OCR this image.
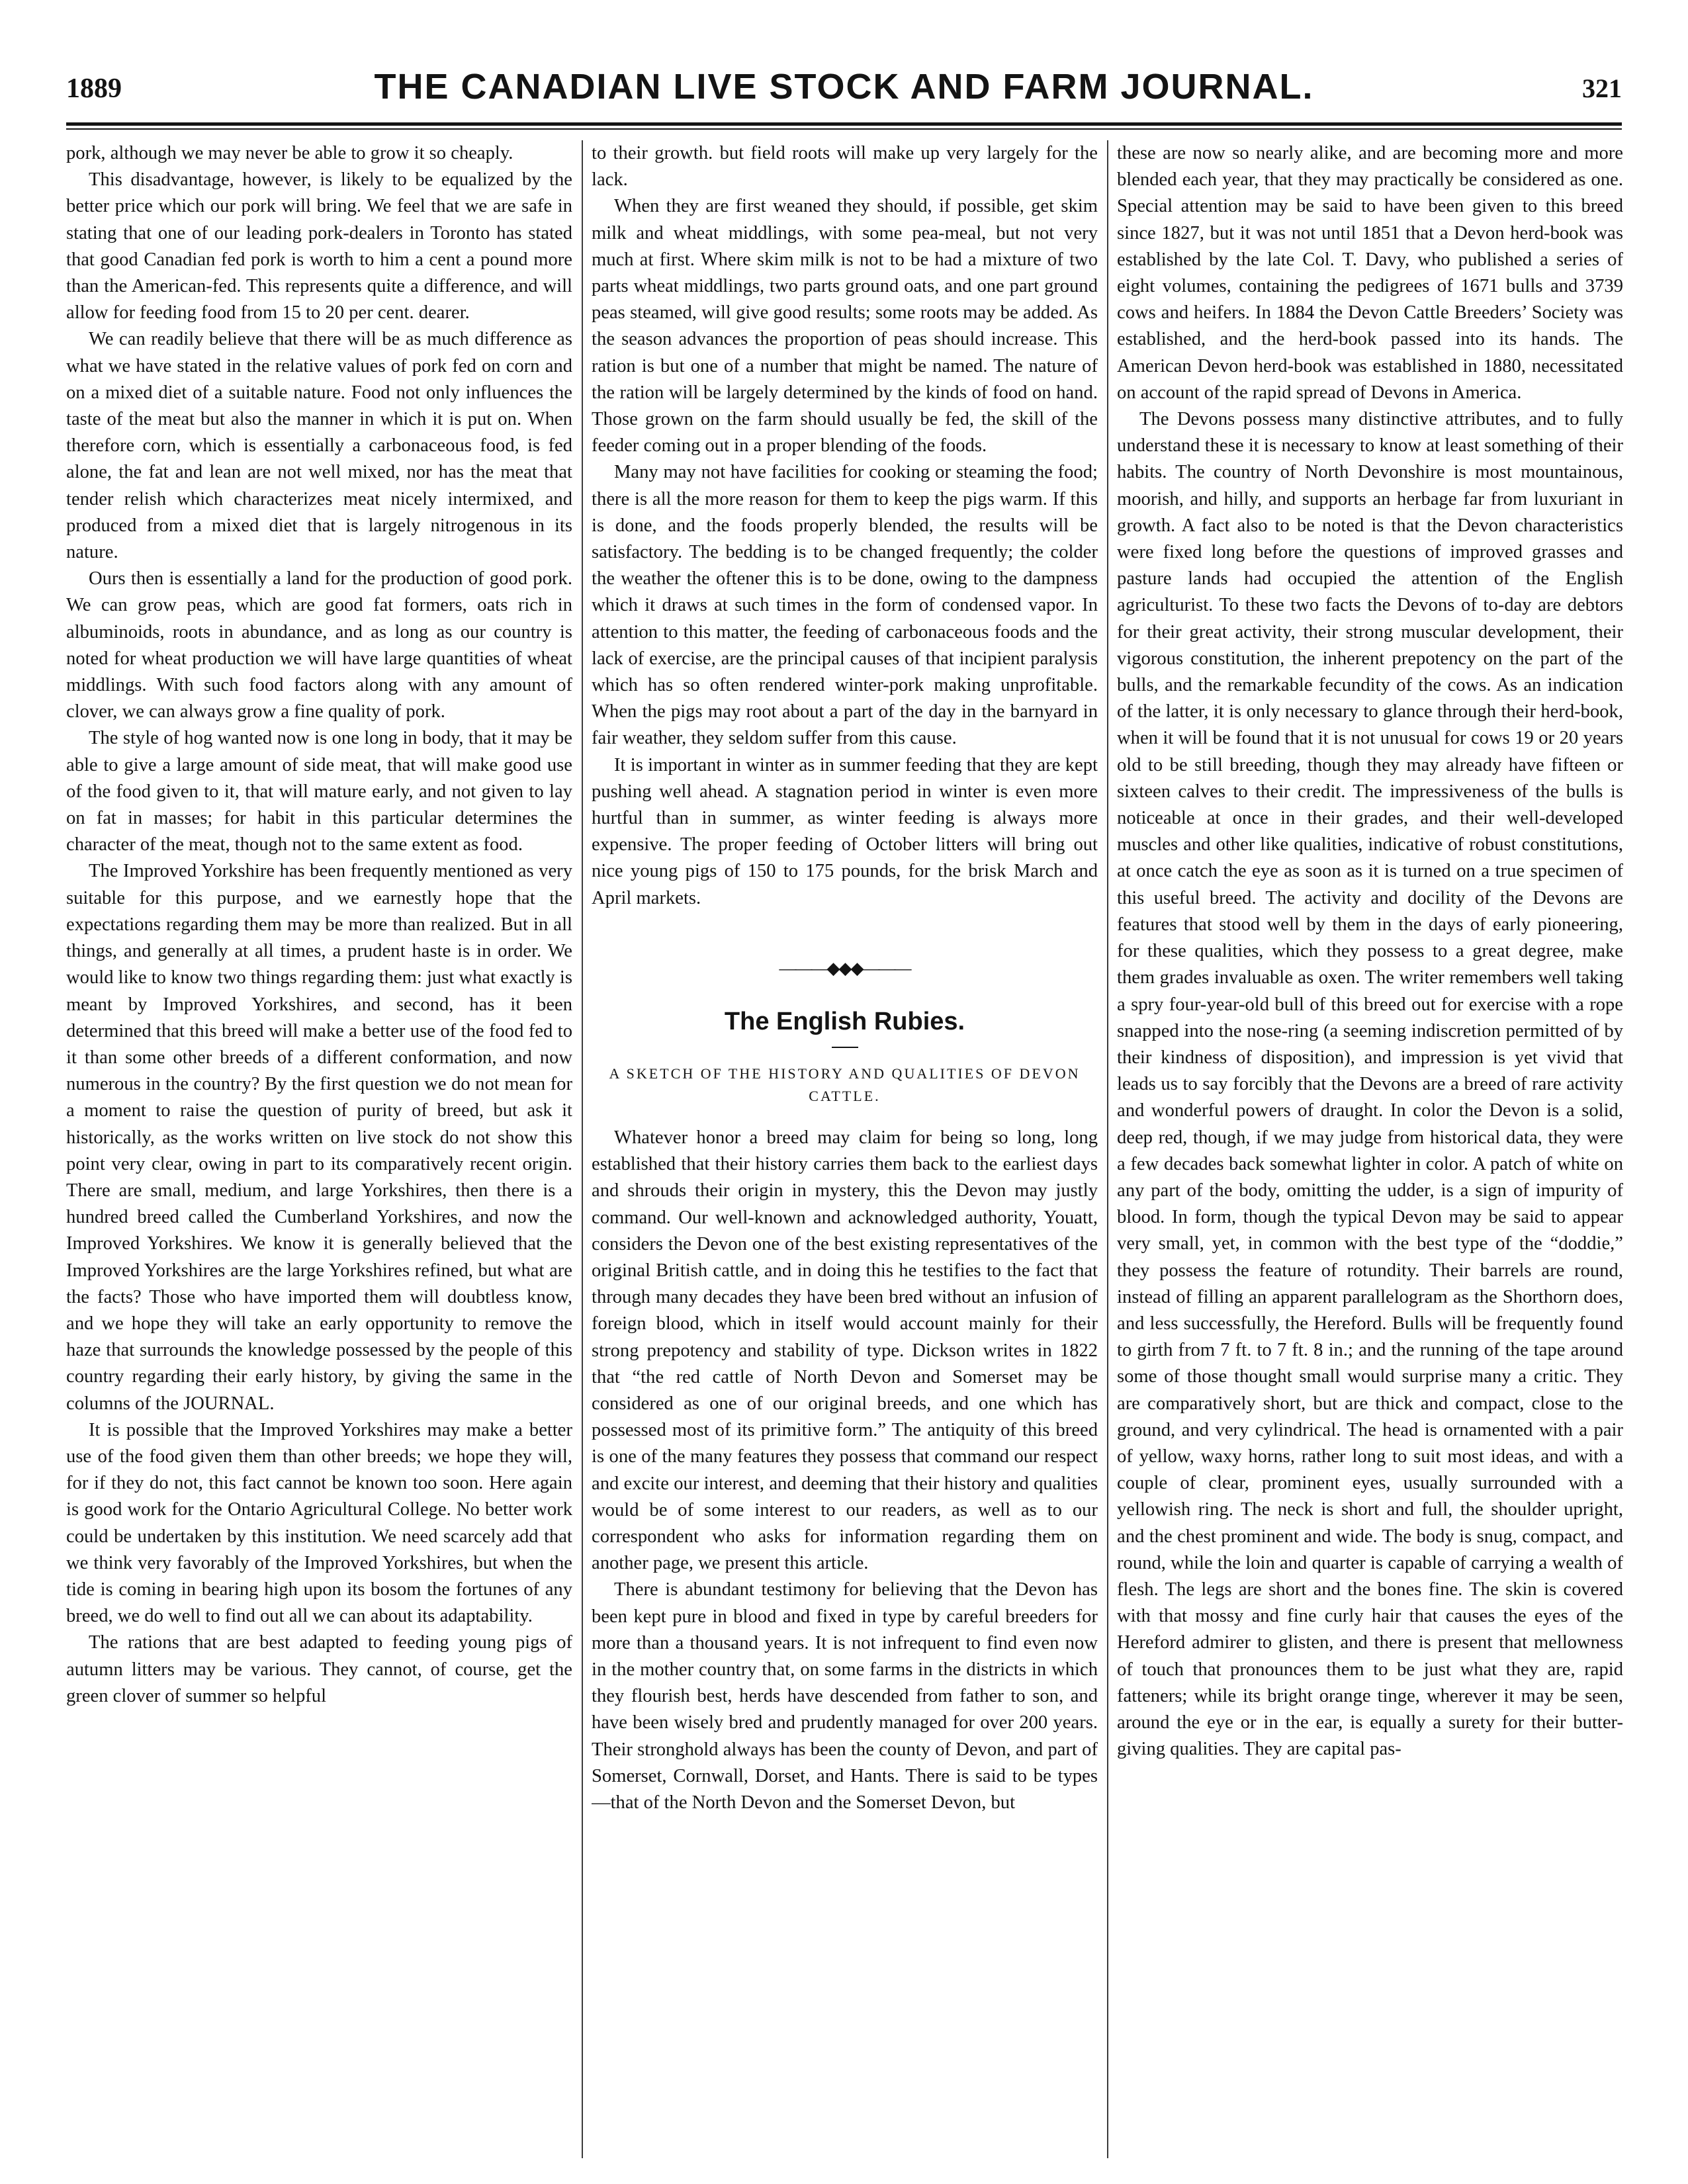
1889	THE CANADIAN LIVE STOCK AND FARM JOURNAL.	321

pork, although we may never be able to grow it so cheaply.

This disadvantage, however, is likely to be equalized by the better price which our pork will bring. We feel that we are safe in stating that one of our leading pork-dealers in Toronto has stated that good Canadian fed pork is worth to him a cent a pound more than the American-fed. This represents quite a difference, and will allow for feeding food from 15 to 20 per cent. dearer.

We can readily believe that there will be as much difference as what we have stated in the relative values of pork fed on corn and on a mixed diet of a suitable nature. Food not only influences the taste of the meat but also the manner in which it is put on. When therefore corn, which is essentially a carbonaceous food, is fed alone, the fat and lean are not well mixed, nor has the meat that tender relish which characterizes meat nicely intermixed, and produced from a mixed diet that is largely nitrogenous in its nature.

Ours then is essentially a land for the production of good pork. We can grow peas, which are good fat formers, oats rich in albuminoids, roots in abundance, and as long as our country is noted for wheat production we will have large quantities of wheat middlings. With such food factors along with any amount of clover, we can always grow a fine quality of pork.

The style of hog wanted now is one long in body, that it may be able to give a large amount of side meat, that will make good use of the food given to it, that will mature early, and not given to lay on fat in masses; for habit in this particular determines the character of the meat, though not to the same extent as food.

The Improved Yorkshire has been frequently mentioned as very suitable for this purpose, and we earnestly hope that the expectations regarding them may be more than realized. But in all things, and generally at all times, a prudent haste is in order. We would like to know two things regarding them: just what exactly is meant by Improved Yorkshires, and second, has it been determined that this breed will make a better use of the food fed to it than some other breeds of a different conformation, and now numerous in the country? By the first question we do not mean for a moment to raise the question of purity of breed, but ask it historically, as the works written on live stock do not show this point very clear, owing in part to its comparatively recent origin. There are small, medium, and large Yorkshires, then there is a hundred breed called the Cumberland Yorkshires, and now the Improved Yorkshires. We know it is generally believed that the Improved Yorkshires are the large Yorkshires refined, but what are the facts? Those who have imported them will doubtless know, and we hope they will take an early opportunity to remove the haze that surrounds the knowledge possessed by the people of this country regarding their early history, by giving the same in the columns of the JOURNAL.

It is possible that the Improved Yorkshires may make a better use of the food given them than other breeds; we hope they will, for if they do not, this fact cannot be known too soon. Here again is good work for the Ontario Agricultural College. No better work could be undertaken by this institution. We need scarcely add that we think very favorably of the Improved Yorkshires, but when the tide is coming in bearing high upon its bosom the fortunes of any breed, we do well to find out all we can about its adaptability.

The rations that are best adapted to feeding young pigs of autumn litters may be various. They cannot, of course, get the green clover of summer so helpful

to their growth. but field roots will make up very largely for the lack.

When they are first weaned they should, if possible, get skim milk and wheat middlings, with some pea-meal, but not very much at first. Where skim milk is not to be had a mixture of two parts wheat middlings, two parts ground oats, and one part ground peas steamed, will give good results; some roots may be added. As the season advances the proportion of peas should increase. This ration is but one of a number that might be named. The nature of the ration will be largely determined by the kinds of food on hand. Those grown on the farm should usually be fed, the skill of the feeder coming out in a proper blending of the foods.

Many may not have facilities for cooking or steaming the food; there is all the more reason for them to keep the pigs warm. If this is done, and the foods properly blended, the results will be satisfactory. The bedding is to be changed frequently; the colder the weather the oftener this is to be done, owing to the dampness which it draws at such times in the form of condensed vapor. In attention to this matter, the feeding of carbonaceous foods and the lack of exercise, are the principal causes of that incipient paralysis which has so often rendered winter-pork making unprofitable. When the pigs may root about a part of the day in the barnyard in fair weather, they seldom suffer from this cause.

It is important in winter as in summer feeding that they are kept pushing well ahead. A stagnation period in winter is even more hurtful than in summer, as winter feeding is always more expensive. The proper feeding of October litters will bring out nice young pigs of 150 to 175 pounds, for the brisk March and April markets.

———◆◆◆———
The English Rubies.
A SKETCH OF THE HISTORY AND QUALITIES OF DEVON CATTLE.

Whatever honor a breed may claim for being so long, long established that their history carries them back to the earliest days and shrouds their origin in mystery, this the Devon may justly command. Our well-known and acknowledged authority, Youatt, considers the Devon one of the best existing representatives of the original British cattle, and in doing this he testifies to the fact that through many decades they have been bred without an infusion of foreign blood, which in itself would account mainly for their strong prepotency and stability of type. Dickson writes in 1822 that “the red cattle of North Devon and Somerset may be considered as one of our original breeds, and one which has possessed most of its primitive form.” The antiquity of this breed is one of the many features they possess that command our respect and excite our interest, and deeming that their history and qualities would be of some interest to our readers, as well as to our correspondent who asks for information regarding them on another page, we present this article.

There is abundant testimony for believing that the Devon has been kept pure in blood and fixed in type by careful breeders for more than a thousand years. It is not infrequent to find even now in the mother country that, on some farms in the districts in which they flourish best, herds have descended from father to son, and have been wisely bred and prudently managed for over 200 years. Their stronghold always has been the county of Devon, and part of Somerset, Cornwall, Dorset, and Hants. There is said to be types—that of the North Devon and the Somerset Devon, but

these are now so nearly alike, and are becoming more and more blended each year, that they may practically be considered as one. Special attention may be said to have been given to this breed since 1827, but it was not until 1851 that a Devon herd-book was established by the late Col. T. Davy, who published a series of eight volumes, containing the pedigrees of 1671 bulls and 3739 cows and heifers. In 1884 the Devon Cattle Breeders’ Society was established, and the herd-book passed into its hands. The American Devon herd-book was established in 1880, necessitated on account of the rapid spread of Devons in America.

The Devons possess many distinctive attributes, and to fully understand these it is necessary to know at least something of their habits. The country of North Devonshire is most mountainous, moorish, and hilly, and supports an herbage far from luxuriant in growth. A fact also to be noted is that the Devon characteristics were fixed long before the questions of improved grasses and pasture lands had occupied the attention of the English agriculturist. To these two facts the Devons of to-day are debtors for their great activity, their strong muscular development, their vigorous constitution, the inherent prepotency on the part of the bulls, and the remarkable fecundity of the cows. As an indication of the latter, it is only necessary to glance through their herd-book, when it will be found that it is not unusual for cows 19 or 20 years old to be still breeding, though they may already have fifteen or sixteen calves to their credit. The impressiveness of the bulls is noticeable at once in their grades, and their well-developed muscles and other like qualities, indicative of robust constitutions, at once catch the eye as soon as it is turned on a true specimen of this useful breed. The activity and docility of the Devons are features that stood well by them in the days of early pioneering, for these qualities, which they possess to a great degree, make them grades invaluable as oxen. The writer remembers well taking a spry four-year-old bull of this breed out for exercise with a rope snapped into the nose-ring (a seeming indiscretion permitted of by their kindness of disposition), and impression is yet vivid that leads us to say forcibly that the Devons are a breed of rare activity and wonderful powers of draught. In color the Devon is a solid, deep red, though, if we may judge from historical data, they were a few decades back somewhat lighter in color. A patch of white on any part of the body, omitting the udder, is a sign of impurity of blood. In form, though the typical Devon may be said to appear very small, yet, in common with the best type of the “doddie,” they possess the feature of rotundity. Their barrels are round, instead of filling an apparent parallelogram as the Shorthorn does, and less successfully, the Hereford. Bulls will be frequently found to girth from 7 ft. to 7 ft. 8 in.; and the running of the tape around some of those thought small would surprise many a critic. They are comparatively short, but are thick and compact, close to the ground, and very cylindrical. The head is ornamented with a pair of yellow, waxy horns, rather long to suit most ideas, and with a couple of clear, prominent eyes, usually surrounded with a yellowish ring. The neck is short and full, the shoulder upright, and the chest prominent and wide. The body is snug, compact, and round, while the loin and quarter is capable of carrying a wealth of flesh. The legs are short and the bones fine. The skin is covered with that mossy and fine curly hair that causes the eyes of the Hereford admirer to glisten, and there is present that mellowness of touch that pronounces them to be just what they are, rapid fatteners; while its bright orange tinge, wherever it may be seen, around the eye or in the ear, is equally a surety for their butter-giving qualities. They are capital pas-
